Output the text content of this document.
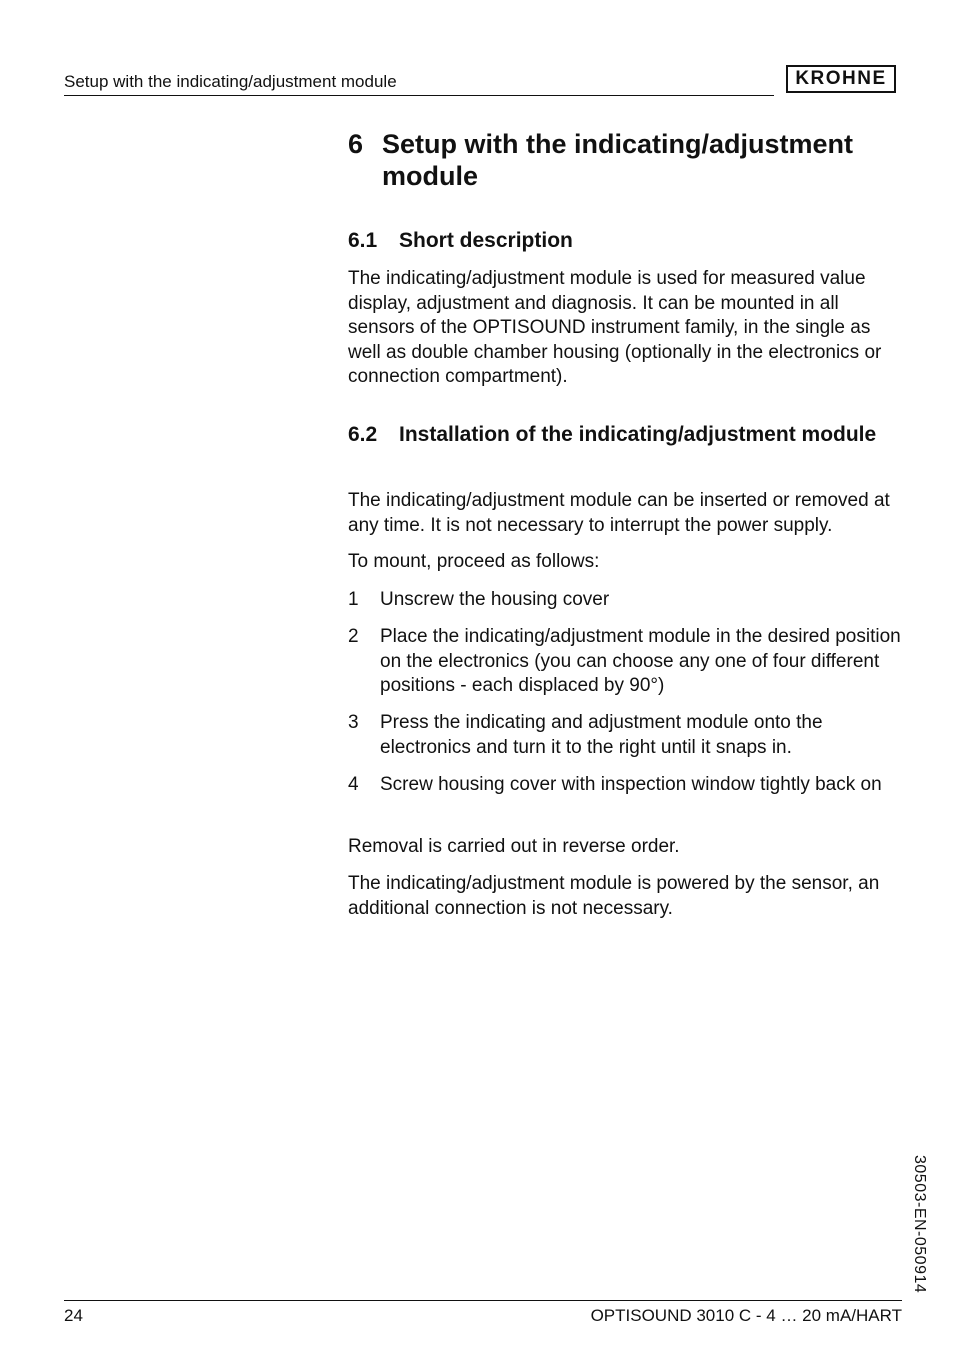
Setup with the indicating/adjustment module	KROHNE
6 Setup with the indicating/adjustment module
6.1	Short description
The indicating/adjustment module is used for measured value display, adjustment and diagnosis. It can be mounted in all sensors of the OPTISOUND instrument family, in the single as well as double chamber housing (optionally in the electronics or connection compartment).
6.2	Installation of the indicating/adjustment module
The indicating/adjustment module can be inserted or removed at any time. It is not necessary to interrupt the power supply.
To mount, proceed as follows:
1	Unscrew the housing cover
2	Place the indicating/adjustment module in the desired position on the electronics (you can choose any one of four different positions - each displaced by 90°)
3	Press the indicating and adjustment module onto the electronics and turn it to the right until it snaps in.
4	Screw housing cover with inspection window tightly back on
Removal is carried out in reverse order.
The indicating/adjustment module is powered by the sensor, an additional connection is not necessary.
30503-EN-050914
24	OPTISOUND 3010 C - 4 … 20 mA/HART
